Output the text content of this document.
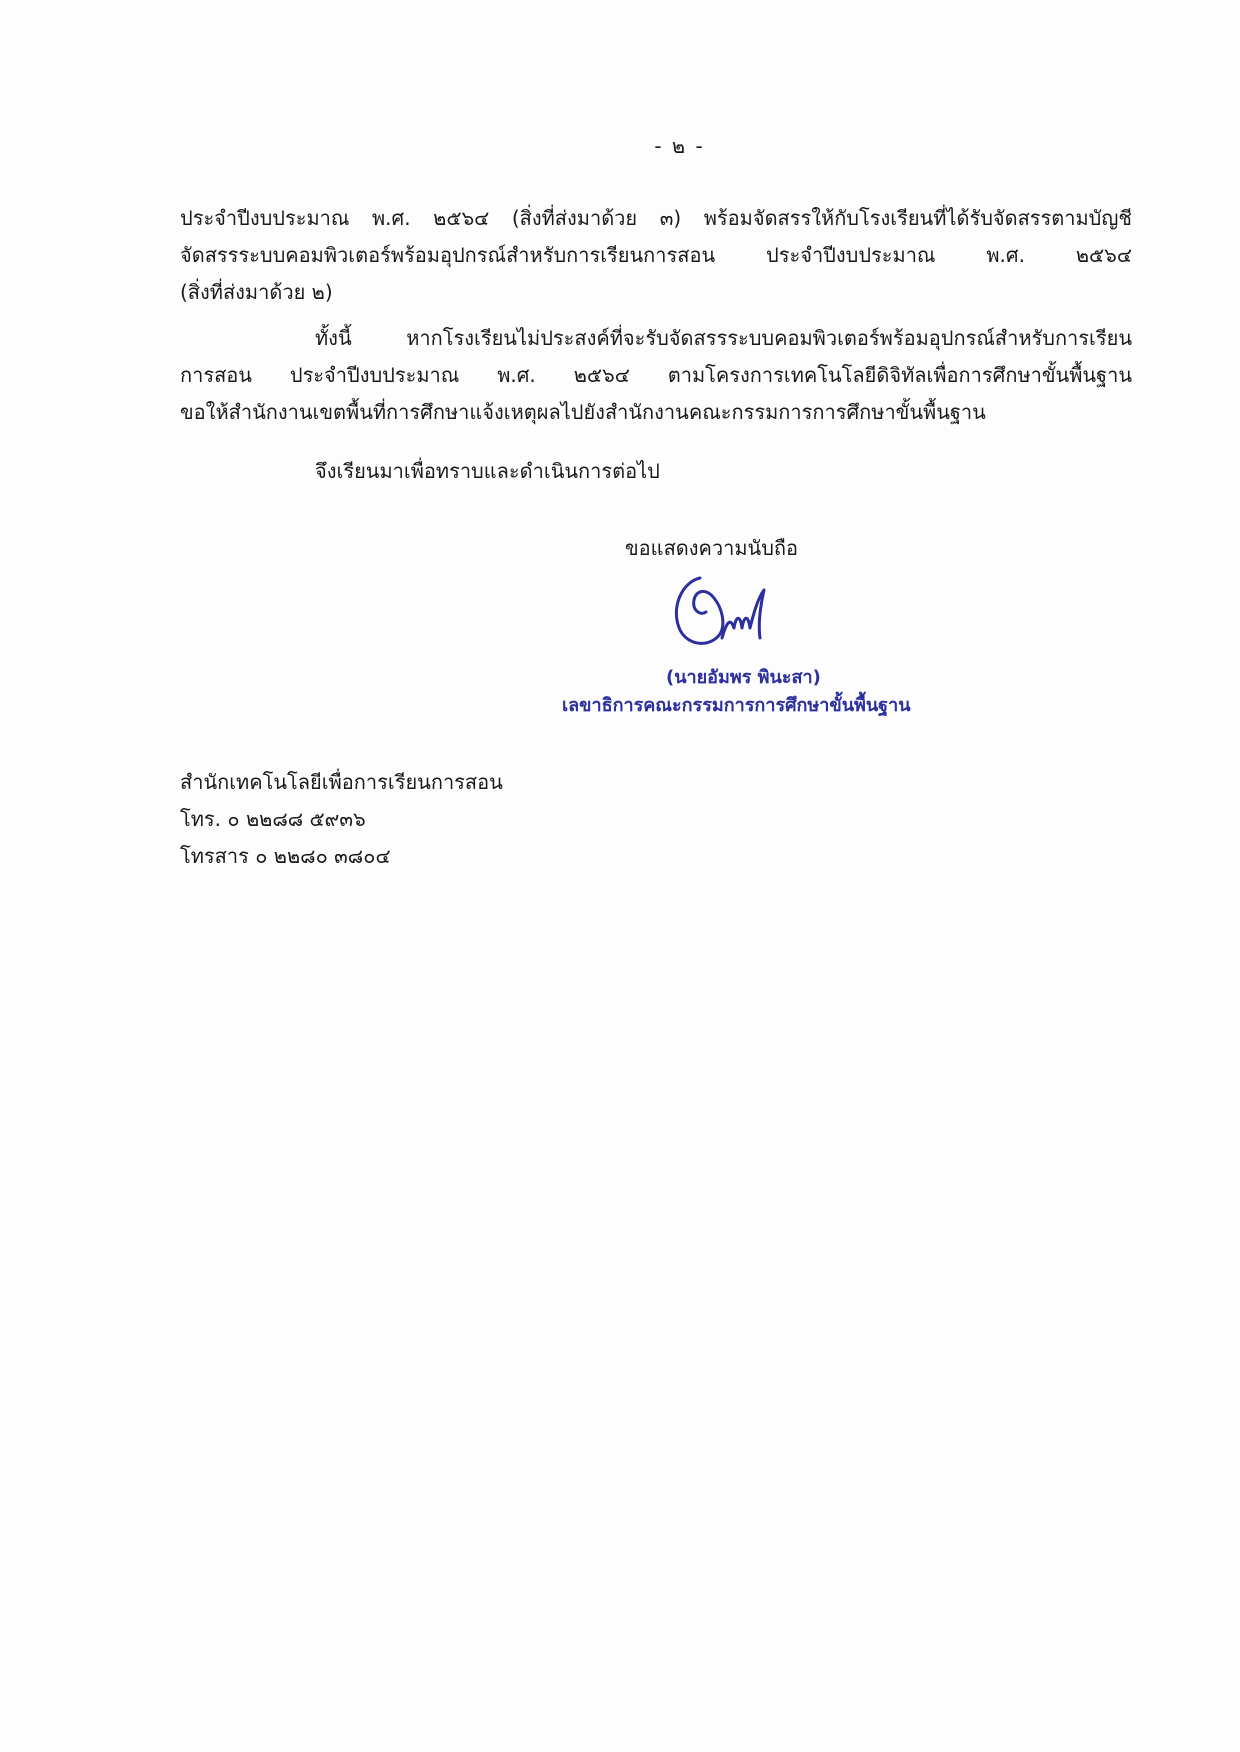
- ๒ -
ประจำปีงบประมาณ พ.ศ. ๒๕๖๔ (สิ่งที่ส่งมาด้วย ๓) พร้อมจัดสรรให้กับโรงเรียนที่ได้รับจัดสรรตามบัญชี
จัดสรรระบบคอมพิวเตอร์พร้อมอุปกรณ์สำหรับการเรียนการสอน ประจำปีงบประมาณ พ.ศ. ๒๕๖๔
(สิ่งที่ส่งมาด้วย ๒)
ทั้งนี้ หากโรงเรียนไม่ประสงค์ที่จะรับจัดสรรระบบคอมพิวเตอร์พร้อมอุปกรณ์สำหรับการเรียน
การสอน ประจำปีงบประมาณ พ.ศ. ๒๕๖๔ ตามโครงการเทคโนโลยีดิจิทัลเพื่อการศึกษาขั้นพื้นฐาน
ขอให้สำนักงานเขตพื้นที่การศึกษาแจ้งเหตุผลไปยังสำนักงานคณะกรรมการการศึกษาขั้นพื้นฐาน
จึงเรียนมาเพื่อทราบและดำเนินการต่อไป
ขอแสดงความนับถือ
(นายอัมพร พินะสา)
เลขาธิการคณะกรรมการการศึกษาขั้นพื้นฐาน
สำนักเทคโนโลยีเพื่อการเรียนการสอน
โทร. ๐ ๒๒๘๘ ๕๙๓๖
โทรสาร ๐ ๒๒๘๐ ๓๘๐๔
